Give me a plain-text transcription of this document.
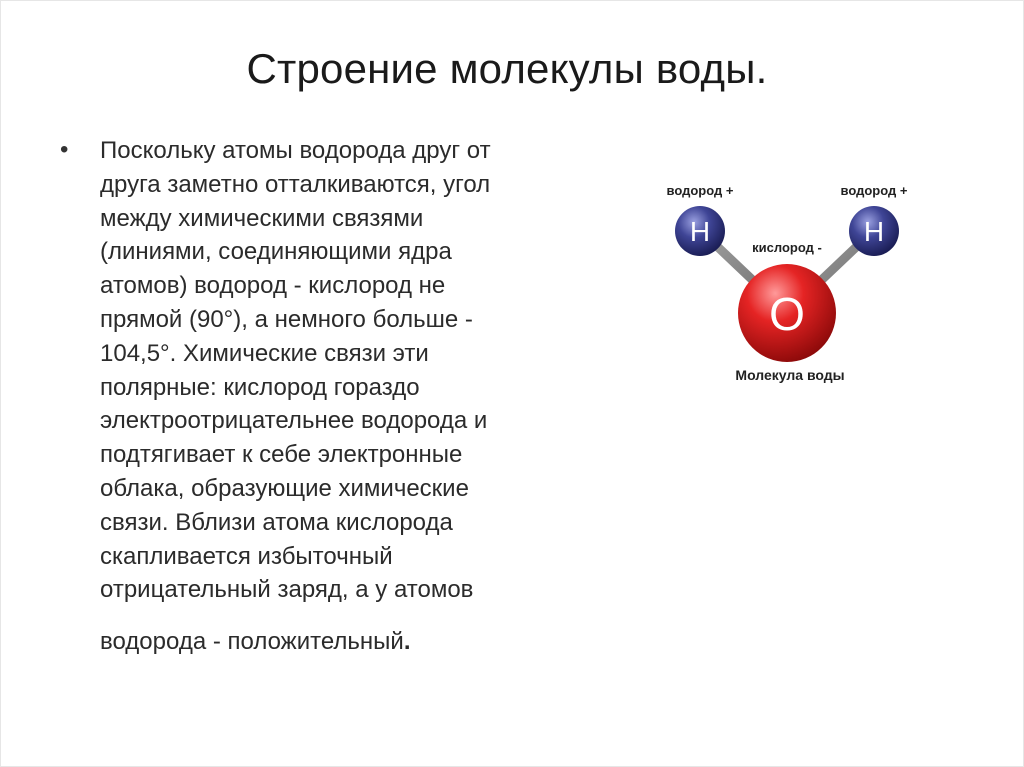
Строение молекулы воды.
• Поскольку атомы водорода друг от
друга заметно отталкиваются, угол
между химическими связями
(линиями, соединяющими ядра
атомов) водород - кислород не
прямой (90°), а немного больше -
104,5°. Химические связи эти
полярные: кислород гораздо
электроотрицательнее водорода и
подтягивает к себе электронные
облака, образующие химические
связи. Вблизи атома кислорода
скапливается избыточный
отрицательный заряд, а у атомов
водорода - положительный.
H	H
O
водород +	водород +
кислород -
Молекула воды
